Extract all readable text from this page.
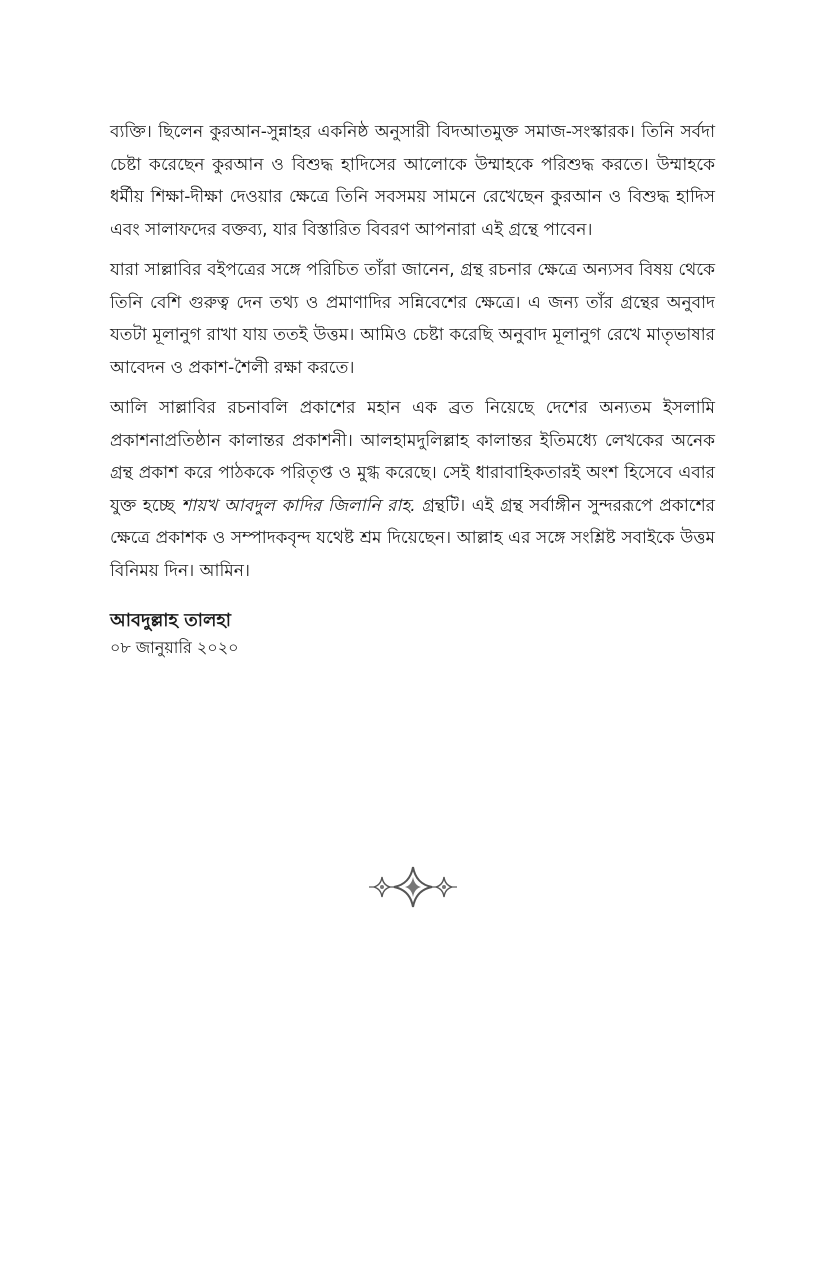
ব্যক্তি। ছিলেন কুরআন-সুন্নাহর একনিষ্ঠ অনুসারী বিদআতমুক্ত সমাজ-সংস্কারক। তিনি সর্বদা চেষ্টা করেছেন কুরআন ও বিশুদ্ধ হাদিসের আলোকে উম্মাহকে পরিশুদ্ধ করতে। উম্মাহকে ধর্মীয় শিক্ষা-দীক্ষা দেওয়ার ক্ষেত্রে তিনি সবসময় সামনে রেখেছেন কুরআন ও বিশুদ্ধ হাদিস এবং সালাফদের বক্তব্য, যার বিস্তারিত বিবরণ আপনারা এই গ্রন্থে পাবেন।

যারা সাল্লাবির বইপত্রের সঙ্গে পরিচিত তাঁরা জানেন, গ্রন্থ রচনার ক্ষেত্রে অন্যসব বিষয় থেকে তিনি বেশি গুরুত্ব দেন তথ্য ও প্রমাণাদির সন্নিবেশের ক্ষেত্রে। এ জন্য তাঁর গ্রন্থের অনুবাদ যতটা মূলানুগ রাখা যায় ততই উত্তম। আমিও চেষ্টা করেছি অনুবাদ মূলানুগ রেখে মাতৃভাষার আবেদন ও প্রকাশ-শৈলী রক্ষা করতে।

আলি সাল্লাবির রচনাবলি প্রকাশের মহান এক ব্রত নিয়েছে দেশের অন্যতম ইসলামি প্রকাশনাপ্রতিষ্ঠান কালান্তর প্রকাশনী। আলহামদুলিল্লাহ কালান্তর ইতিমধ্যে লেখকের অনেক গ্রন্থ প্রকাশ করে পাঠককে পরিতৃপ্ত ও মুগ্ধ করেছে। সেই ধারাবাহিকতারই অংশ হিসেবে এবার যুক্ত হচ্ছে শায়খ আবদুল কাদির জিলানি রাহ. গ্রন্থটি। এই গ্রন্থ সর্বাঙ্গীন সুন্দররূপে প্রকাশের ক্ষেত্রে প্রকাশক ও সম্পাদকবৃন্দ যথেষ্ট শ্রম দিয়েছেন। আল্লাহ এর সঙ্গে সংশ্লিষ্ট সবাইকে উত্তম বিনিময় দিন। আমিন।

আবদুল্লাহ তালহা
০৮ জানুয়ারি ২০২০
